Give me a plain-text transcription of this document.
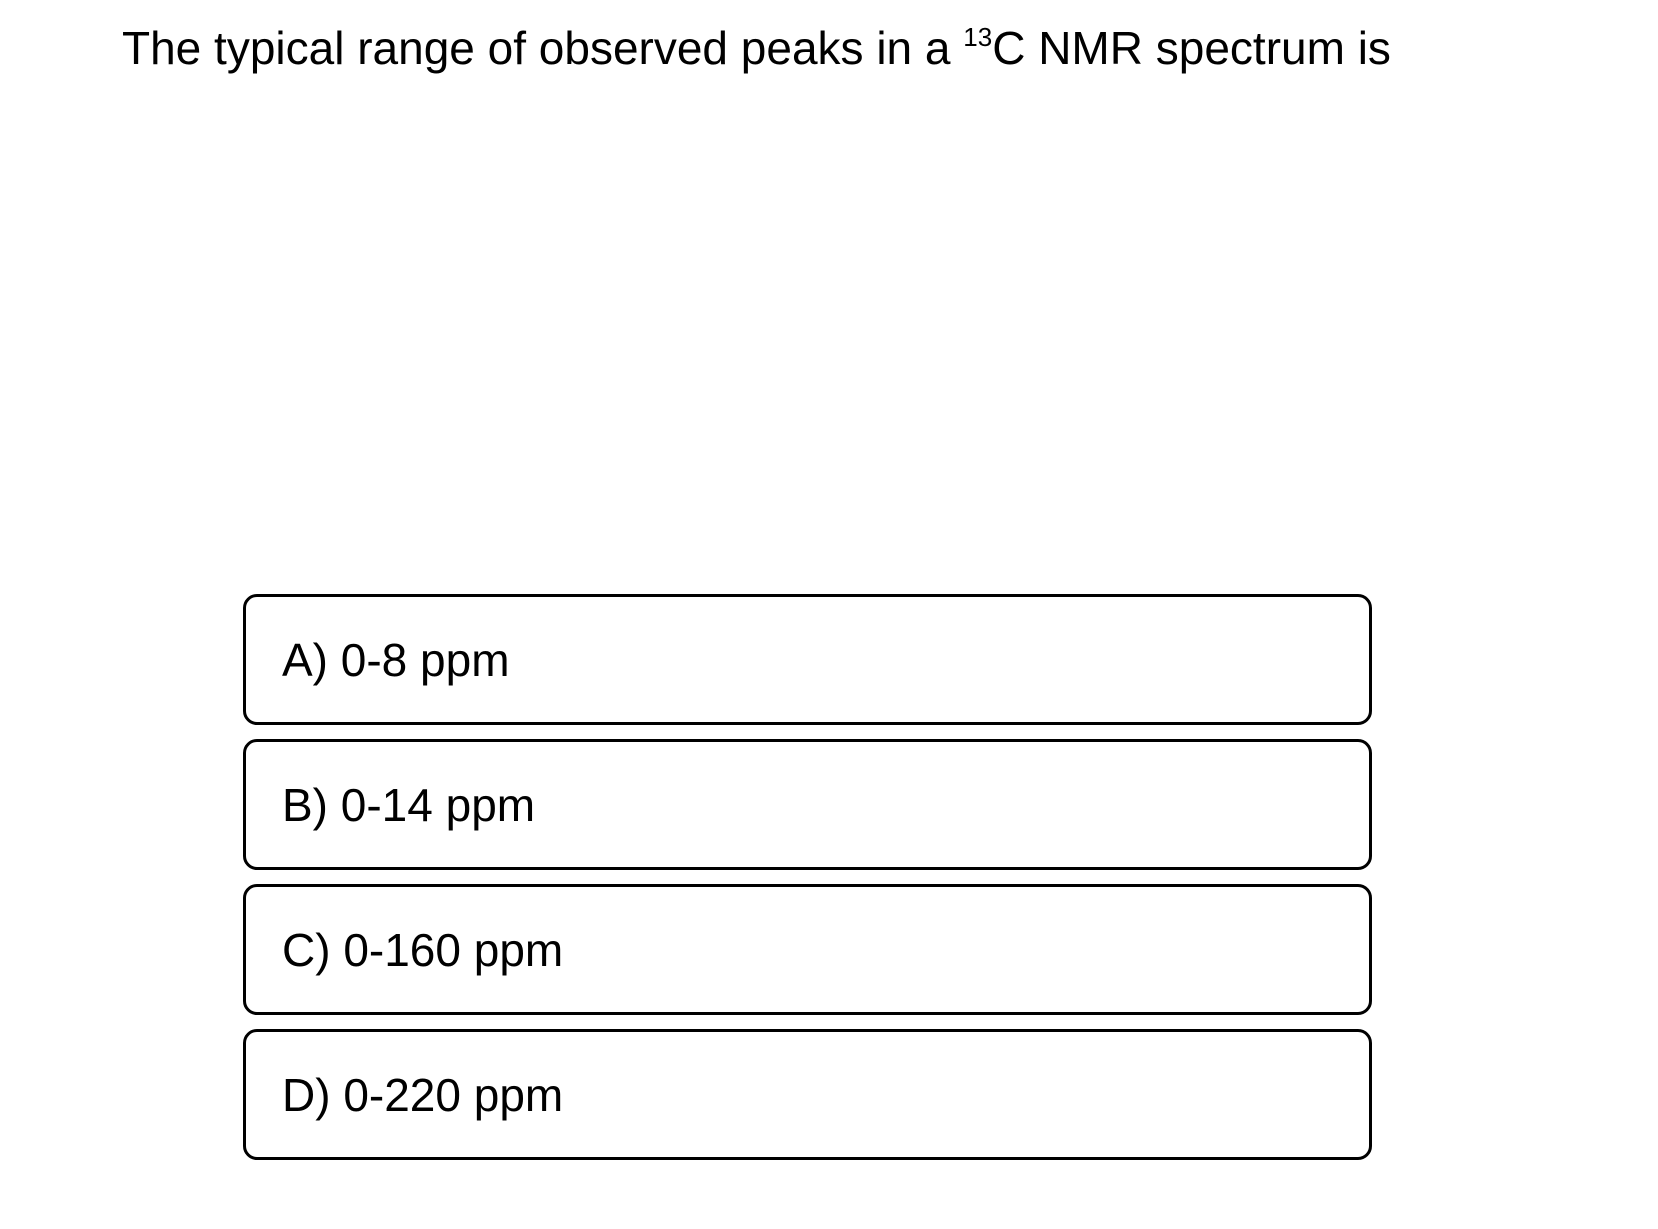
The typical range of observed peaks in a $^{13}$C NMR spectrum is
A) 0-8 ppm
B) 0-14 ppm
C) 0-160 ppm
D) 0-220 ppm
